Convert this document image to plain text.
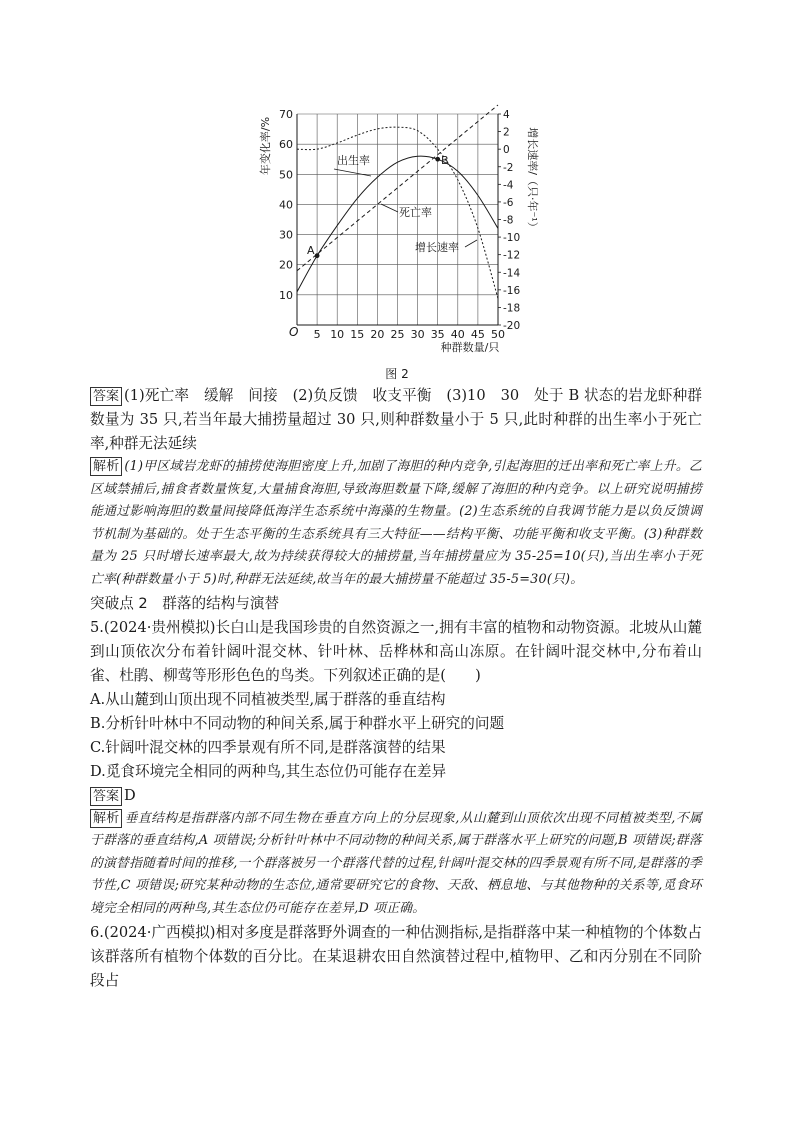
5 10 15 20 25 30 35 40 45 50
10
20
30
40
50
60
70	4
2
0
-2
-4
-6
-8
-10
-12
-14
-16
-18
-20
年变化率/%	增长速率/（只·年⁻¹）
种群数量/只
O
A
B
出生率
死亡率
增长速率
图 2

答案 (1)死亡率　缓解　间接　(2)负反馈　收支平衡　(3)10　30　处于 B 状态的岩龙虾种群数量为 35 只,若当年最大捕捞量超过 30 只,则种群数量小于 5 只,此时种群的出生率小于死亡率,种群无法延续

解析 (1)甲区域岩龙虾的捕捞使海胆密度上升,加剧了海胆的种内竞争,引起海胆的迁出率和死亡率上升。乙区域禁捕后,捕食者数量恢复,大量捕食海胆,导致海胆数量下降,缓解了海胆的种内竞争。以上研究说明捕捞能通过影响海胆的数量间接降低海洋生态系统中海藻的生物量。(2)生态系统的自我调节能力是以负反馈调节机制为基础的。处于生态平衡的生态系统具有三大特征——结构平衡、功能平衡和收支平衡。(3)种群数量为 25 只时增长速率最大,故为持续获得较大的捕捞量,当年捕捞量应为 35-25=10(只),当出生率小于死亡率(种群数量小于 5)时,种群无法延续,故当年的最大捕捞量不能超过 35-5=30(只)。

突破点 2　群落的结构与演替

5.(2024·贵州模拟)长白山是我国珍贵的自然资源之一,拥有丰富的植物和动物资源。北坡从山麓到山顶依次分布着针阔叶混交林、针叶林、岳桦林和高山冻原。在针阔叶混交林中,分布着山雀、杜鹃、柳莺等形形色色的鸟类。下列叙述正确的是(　　)

A.从山麓到山顶出现不同植被类型,属于群落的垂直结构

B.分析针叶林中不同动物的种间关系,属于种群水平上研究的问题

C.针阔叶混交林的四季景观有所不同,是群落演替的结果

D.觅食环境完全相同的两种鸟,其生态位仍可能存在差异

答案 D

解析 垂直结构是指群落内部不同生物在垂直方向上的分层现象,从山麓到山顶依次出现不同植被类型,不属于群落的垂直结构,A 项错误;分析针叶林中不同动物的种间关系,属于群落水平上研究的问题,B 项错误;群落的演替指随着时间的推移,一个群落被另一个群落代替的过程,针阔叶混交林的四季景观有所不同,是群落的季节性,C 项错误;研究某种动物的生态位,通常要研究它的食物、天敌、栖息地、与其他物种的关系等,觅食环境完全相同的两种鸟,其生态位仍可能存在差异,D 项正确。

6.(2024·广西模拟)相对多度是群落野外调查的一种估测指标,是指群落中某一种植物的个体数占该群落所有植物个体数的百分比。在某退耕农田自然演替过程中,植物甲、乙和丙分别在不同阶段占
